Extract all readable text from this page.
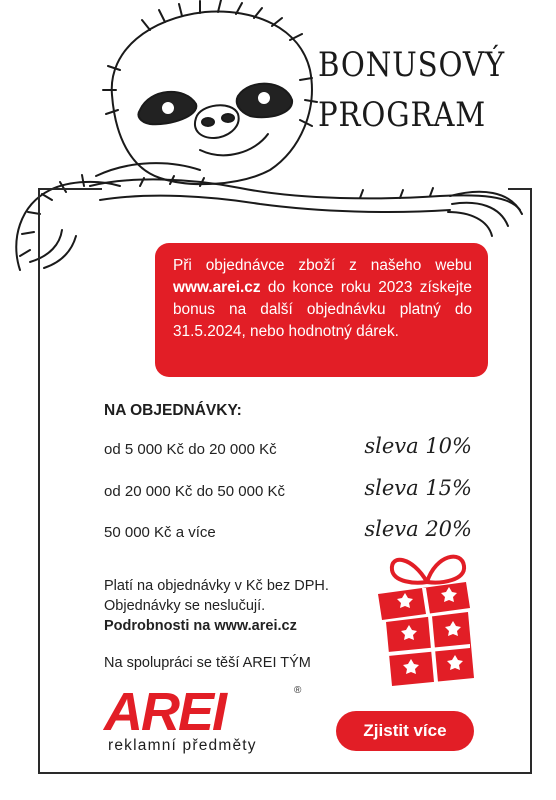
BONUSOVÝ
PROGRAM
Při objednávce zboží z našeho webu www.arei.cz do konce roku 2023 získejte bonus na další objednávku platný do 31.5.2024, nebo hodnotný dárek.
NA OBJEDNÁVKY:
od 5 000 Kč do 20 000 Kč	sleva 10%
od 20 000 Kč do 50 000 Kč	sleva 15%
50 000 Kč a více	sleva 20%
Platí na objednávky v Kč bez DPH.
Objednávky se neslučují.
Podrobnosti na www.arei.cz
Na spolupráci se těší AREI TÝM
AREI	®
reklamní předměty
Zjistit více
